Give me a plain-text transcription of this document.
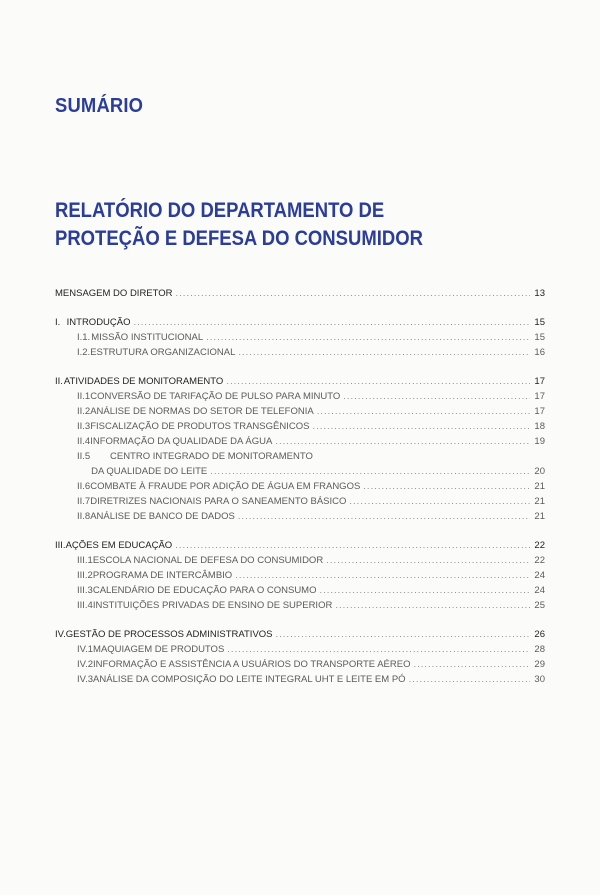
SUMÁRIO
RELATÓRIO DO DEPARTAMENTO DE
PROTEÇÃO E DEFESA DO CONSUMIDOR
MENSAGEM DO DIRETOR .....	13
I. INTRODUÇÃO .....	15
I.1. MISSÃO INSTITUCIONAL .....	15
I.2. ESTRUTURA ORGANIZACIONAL .....	16
II. ATIVIDADES DE MONITORAMENTO .....	17
II.1 CONVERSÃO DE TARIFAÇÃO DE PULSO PARA MINUTO .....	17
II.2 ANÁLISE DE NORMAS DO SETOR DE TELEFONIA .....	17
II.3 FISCALIZAÇÃO DE PRODUTOS TRANSGÊNICOS .....	18
II.4 INFORMAÇÃO DA QUALIDADE DA ÁGUA .....	19
II.5	CENTRO INTEGRADO DE MONITORAMENTO
DA QUALIDADE DO LEITE .....	20
II.6 COMBATE À FRAUDE POR ADIÇÃO DE ÁGUA EM FRANGOS .....	21
II.7 DIRETRIZES NACIONAIS PARA O SANEAMENTO BÁSICO .....	21
II.8 ANÁLISE DE BANCO DE DADOS .....	21
III. AÇÕES EM EDUCAÇÃO .....	22
III.1 ESCOLA NACIONAL DE DEFESA DO CONSUMIDOR .....	22
III.2 PROGRAMA DE INTERCÂMBIO .....	24
III.3 CALENDÁRIO DE EDUCAÇÃO PARA O CONSUMO .....	24
III.4 INSTITUIÇÕES PRIVADAS DE ENSINO DE SUPERIOR .....	25
IV. GESTÃO DE PROCESSOS ADMINISTRATIVOS .....	26
IV.1 MAQUIAGEM DE PRODUTOS .....	28
IV.2 INFORMAÇÃO E ASSISTÊNCIA A USUÁRIOS DO TRANSPORTE AÉREO .....	29
IV.3 ANÁLISE DA COMPOSIÇÃO DO LEITE INTEGRAL UHT E LEITE EM PÓ .....	30
